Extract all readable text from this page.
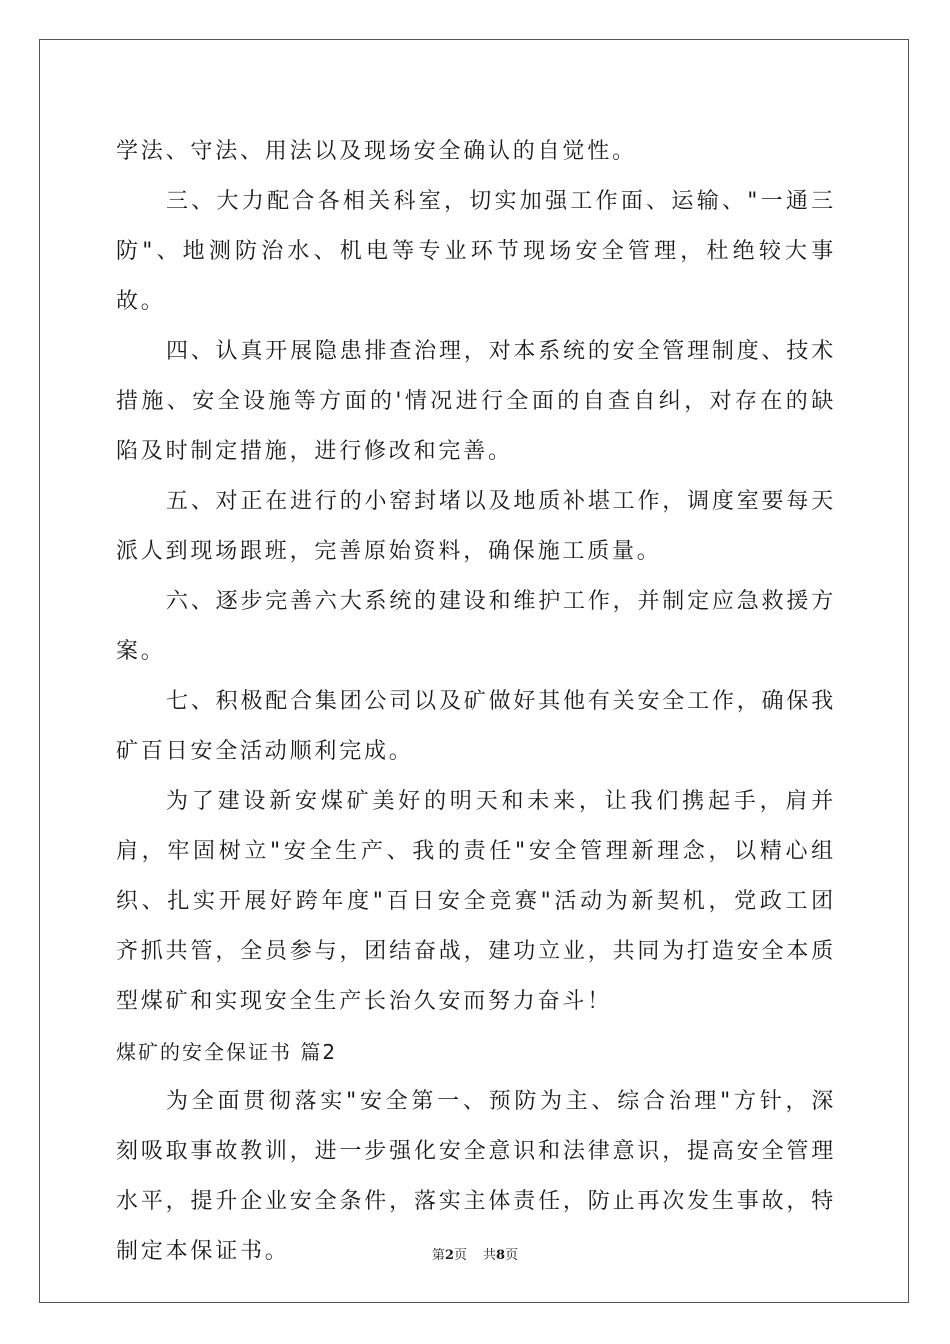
学法、守法、用法以及现场安全确认的自觉性。

三、大力配合各相关科室，切实加强工作面、运输、"一通三防"、地测防治水、机电等专业环节现场安全管理，杜绝较大事故。

四、认真开展隐患排查治理，对本系统的安全管理制度、技术措施、安全设施等方面的'情况进行全面的自查自纠，对存在的缺陷及时制定措施，进行修改和完善。

五、对正在进行的小窑封堵以及地质补堪工作，调度室要每天派人到现场跟班，完善原始资料，确保施工质量。

六、逐步完善六大系统的建设和维护工作，并制定应急救援方案。

七、积极配合集团公司以及矿做好其他有关安全工作，确保我矿百日安全活动顺利完成。

为了建设新安煤矿美好的明天和未来，让我们携起手，肩并肩，牢固树立"安全生产、我的责任"安全管理新理念，以精心组织、扎实开展好跨年度"百日安全竞赛"活动为新契机，党政工团齐抓共管，全员参与，团结奋战，建功立业，共同为打造安全本质型煤矿和实现安全生产长治久安而努力奋斗！

煤矿的安全保证书 篇2

为全面贯彻落实"安全第一、预防为主、综合治理"方针，深刻吸取事故教训，进一步强化安全意识和法律意识，提高安全管理水平，提升企业安全条件，落实主体责任，防止再次发生事故，特制定本保证书。	第2页 共8页
